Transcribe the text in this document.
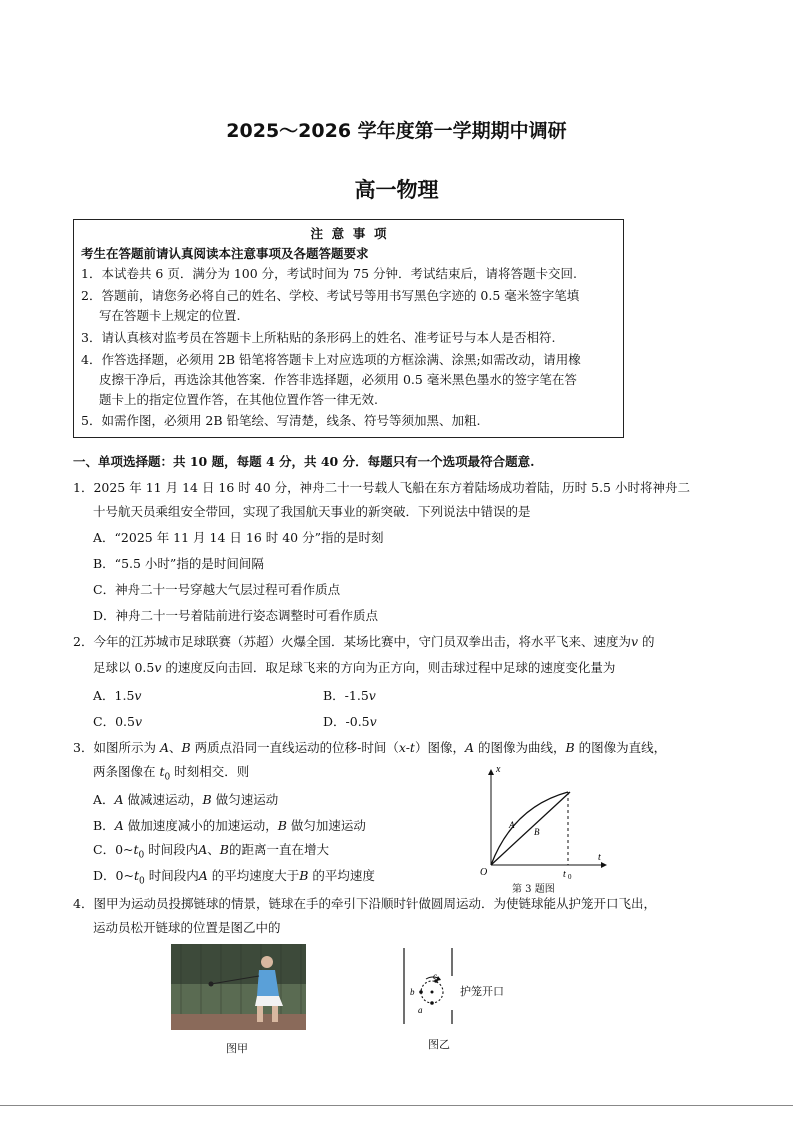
2025～2026 学年度第一学期期中调研
高一物理
注  意  事  项
考生在答题前请认真阅读本注意事项及各题答题要求
1．本试卷共 6 页．满分为 100 分，考试时间为 75 分钟．考试结束后，请将答题卡交回.
2．答题前，请您务必将自己的姓名、学校、考试号等用书写黑色字迹的 0.5 毫米签字笔填
写在答题卡上规定的位置.
3．请认真核对监考员在答题卡上所粘贴的条形码上的姓名、准考证号与本人是否相符.
4．作答选择题，必须用 2B 铅笔将答题卡上对应选项的方框涂满、涂黑;如需改动，请用橡
皮擦干净后，再选涂其他答案．作答非选择题，必须用 0.5 毫米黑色墨水的签字笔在答
题卡上的指定位置作答，在其他位置作答一律无效.
5．如需作图，必须用 2B 铅笔绘、写清楚，线条、符号等须加黑、加粗.
一、单项选择题：共 10 题，每题 4 分，共 40 分．每题只有一个选项最符合题意.
1．2025 年 11 月 14 日 16 时 40 分，神舟二十一号载人飞船在东方着陆场成功着陆，历时 5.5 小时将神舟二
十号航天员乘组安全带回，实现了我国航天事业的新突破．下列说法中错误的是
A．“2025 年 11 月 14 日 16 时 40 分”指的是时刻
B．“5.5 小时”指的是时间间隔
C．神舟二十一号穿越大气层过程可看作质点
D．神舟二十一号着陆前进行姿态调整时可看作质点
2．今年的江苏城市足球联赛（苏超）火爆全国．某场比赛中，守门员双拳出击，将水平飞来、速度为v 的
足球以 0.5v 的速度反向击回．取足球飞来的方向为正方向，则击球过程中足球的速度变化量为
A．1.5v	B．-1.5v
C．0.5v	D．-0.5v
3．如图所示为 A、B 两质点沿同一直线运动的位移-时间（x-t）图像，A 的图像为曲线，B 的图像为直线，
两条图像在 $t_0$ 时刻相交．则
A．A 做减速运动，B 做匀速运动
B．A 做加速度减小的加速运动，B 做匀加速运动
C．$0\sim t_0$ 时间段内A、B的距离一直在增大
D．$0\sim t_0$ 时间段内A 的平均速度大于B 的平均速度
x
t
O
A
B
t 0
第 3 题图
4．图甲为运动员投掷链球的情景，链球在手的牵引下沿顺时针做圆周运动．为使链球能从护笼开口飞出，
运动员松开链球的位置是图乙中的
图甲
a
b
c
护笼开口
图乙
